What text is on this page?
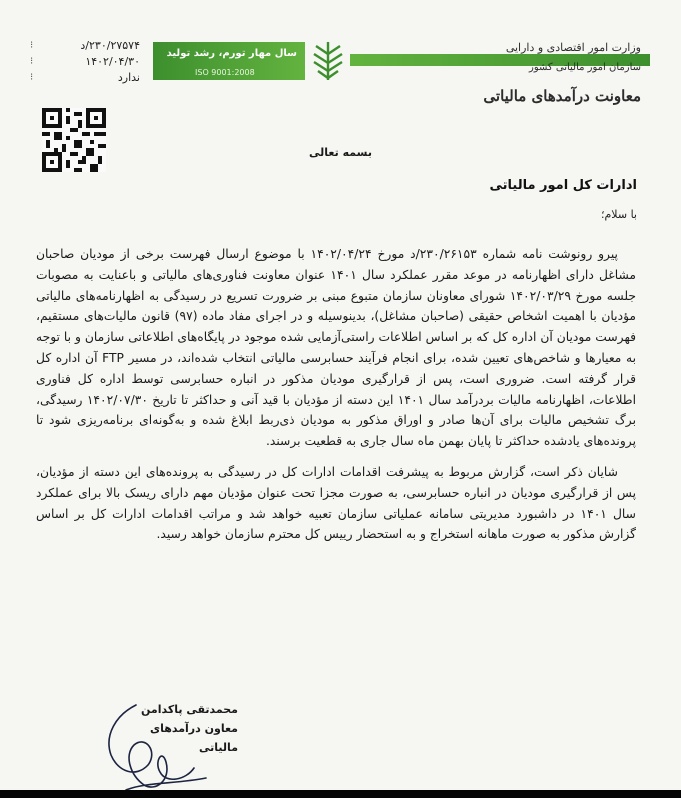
۲۳۰/۲۷۵۷۴/د
⁝
۱۴۰۲/۰۴/۳۰
⁝
ندارد
⁝
سال مهار تورم، رشد تولید
ISO 9001:2008
وزارت امور اقتصادی و دارایی
سازمان امور مالیاتی کشور
معاونت درآمدهای مالیاتی
بسمه تعالی
ادارات کل امور مالیاتی
با سلام؛

پیرو رونوشت نامه شماره ۲۳۰/۲۶۱۵۳/د مورخ ۱۴۰۲/۰۴/۲۴ با موضوع ارسال فهرست برخی از مودیان صاحبان مشاغل دارای اظهارنامه در موعد مقرر عملکرد سال ۱۴۰۱ عنوان معاونت فناوری‌های مالیاتی و باعنایت به مصوبات جلسه مورخ ۱۴۰۲/۰۳/۲۹ شورای معاونان سازمان متبوع مبنی بر ضرورت تسریع در رسیدگی به اظهارنامه‌های مالیاتی مؤدیان با اهمیت اشخاص حقیقی (صاحبان مشاغل)، بدینوسیله و در اجرای مفاد ماده (۹۷) قانون مالیات‌های مستقیم، فهرست مودیان آن اداره کل که بر اساس اطلاعات راستی‌آزمایی شده موجود در پایگاه‌های اطلاعاتی سازمان و با توجه به معیارها و شاخص‌های تعیین شده، برای انجام فرآیند حسابرسی مالیاتی انتخاب شده‌اند، در مسیر FTP آن اداره کل قرار گرفته است. ضروری است، پس از قرارگیری مودیان مذکور در انباره حسابرسی توسط اداره کل فناوری اطلاعات، اظهارنامه مالیات بردرآمد سال ۱۴۰۱ این دسته از مؤدیان با قید آنی و حداکثر تا تاریخ ۱۴۰۲/۰۷/۳۰ رسیدگی، برگ تشخیص مالیات برای آن‌ها صادر و اوراق مذکور به مودیان ذی‌ربط ابلاغ شده و به‌گونه‌ای برنامه‌ریزی شود تا پرونده‌های یادشده حداکثر تا پایان بهمن ماه سال جاری به قطعیت برسند.

شایان ذکر است، گزارش مربوط به پیشرفت اقدامات ادارات کل در رسیدگی به پرونده‌های این دسته از مؤدیان، پس از قرارگیری مودیان در انباره حسابرسی، به صورت مجزا تحت عنوان مؤدیان مهم دارای ریسک بالا برای عملکرد سال ۱۴۰۱ در داشبورد مدیریتی سامانه عملیاتی سازمان تعبیه خواهد شد و مراتب اقدامات ادارات کل بر اساس گزارش مذکور به صورت ماهانه استخراج و به استحضار رییس کل محترم سازمان خواهد رسید.

محمدتقی پاکدامن
معاون درآمدهای مالیاتی
